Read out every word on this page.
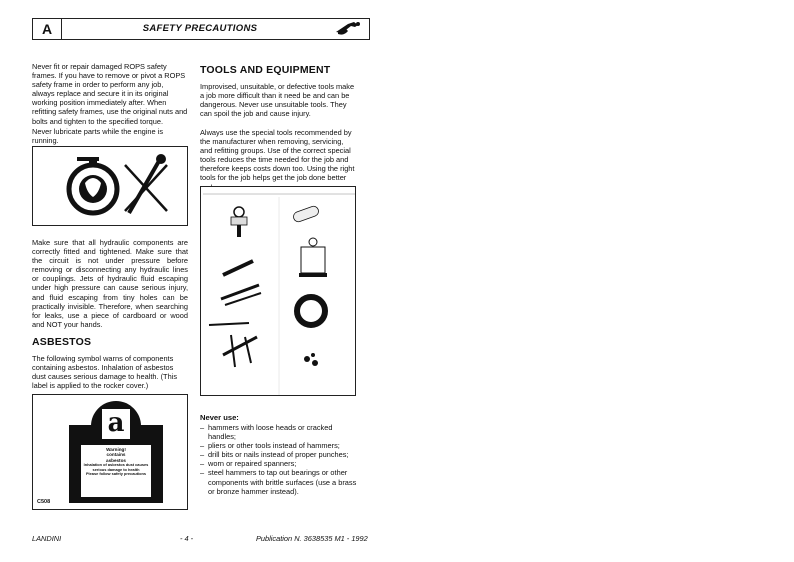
A	SAFETY PRECAUTIONS

Never fit or repair damaged ROPS safety frames. If you have to remove or pivot a ROPS safety frame in order to perform any job, always replace and secure it in its original working position immediately after. When refitting safety frames, use the original nuts and bolts and tighten to the specified torque.

Never lubricate parts while the engine is running.

Make sure that all hydraulic components are correctly fitted and tightened. Make sure that the circuit is not under pressure before removing or disconnecting any hydraulic lines or couplings. Jets of hydraulic fluid escaping under high pressure can cause serious injury, and fluid escaping from tiny holes can be practically invisible. Therefore, when searching for leaks, use a piece of cardboard or wood and NOT your hands.

ASBESTOS

The following symbol warns of components containing asbestos. Inhalation of asbestos dust causes serious damage to health. (This label is applied to the rocker cover.)

a
Warning!
contains
asbestos
Inhalation of asbestos dust causes serious damage to health
Please follow safety precautions
C508

TOOLS AND EQUIPMENT

Improvised, unsuitable, or defective tools make a job more difficult than it need be and can be dangerous. Never use unsuitable tools. They can spoil the job and cause injury.

Always use the special tools recommended by the manufacturer when removing, servicing, and refitting groups. Use of the correct special tools reduces the time needed for the job and therefore keeps costs down too. Using the right tools for the job helps get the job done better

Never use:

– hammers with loose heads or cracked handles;
– pliers or other tools instead of hammers;
– drill bits or nails instead of proper punches;
– worn or repaired spanners;
– steel hammers to tap out bearings or other components with brittle surfaces (use a brass or bronze hammer instead).
LANDINI	- 4 -	Publication N. 3638535 M1 - 1992
